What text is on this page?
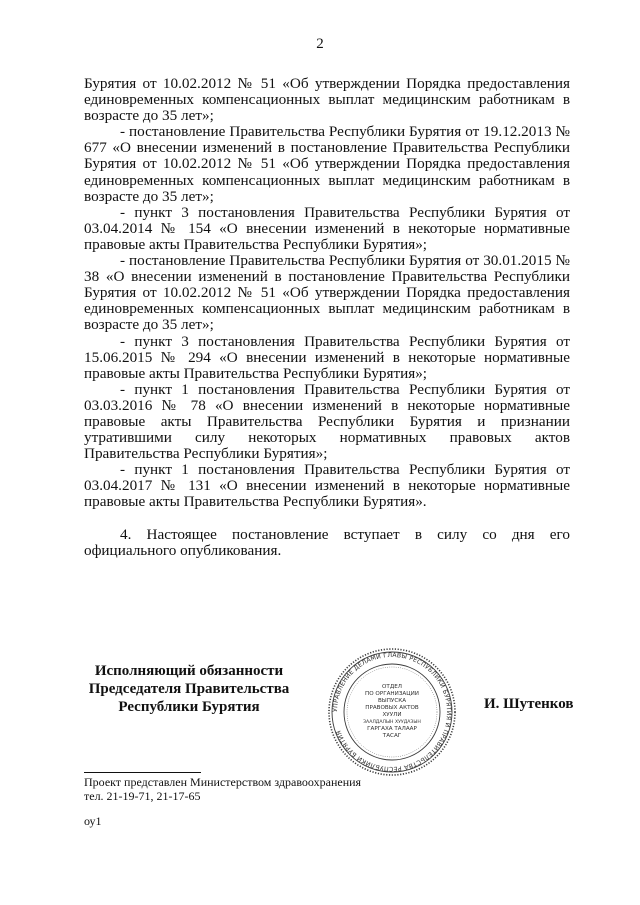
2

Бурятия от 10.02.2012 № 51 «Об утверждении Порядка предоставления единовременных компенсационных выплат медицинским работникам в возрасте до 35 лет»;

- постановление Правительства Республики Бурятия от 19.12.2013 № 677 «О внесении изменений в постановление Правительства Республики Бурятия от 10.02.2012 № 51 «Об утверждении Порядка предоставления единовременных компенсационных выплат медицинским работникам в возрасте до 35 лет»;

- пункт 3 постановления Правительства Республики Бурятия от 03.04.2014 № 154 «О внесении изменений в некоторые нормативные правовые акты Правительства Республики Бурятия»;

- постановление Правительства Республики Бурятия от 30.01.2015 № 38 «О внесении изменений в постановление Правительства Республики Бурятия от 10.02.2012 № 51 «Об утверждении Порядка предоставления единовременных компенсационных выплат медицинским работникам в возрасте до 35 лет»;

- пункт 3 постановления Правительства Республики Бурятия от 15.06.2015 № 294 «О внесении изменений в некоторые нормативные правовые акты Правительства Республики Бурятия»;

- пункт 1 постановления Правительства Республики Бурятия от 03.03.2016 № 78 «О внесении изменений в некоторые нормативные правовые акты Правительства Республики Бурятия и признании утратившими силу некоторых нормативных правовых актов Правительства Республики Бурятия»;

- пункт 1 постановления Правительства Республики Бурятия от 03.04.2017 № 131 «О внесении изменений в некоторые нормативные правовые акты Правительства Республики Бурятия».

4. Настоящее постановление вступает в силу со дня его официального опубликования.

Исполняющий обязанности
Председателя Правительства
Республики Бурятия	УПРАВЛЕНИЕ ДЕЛАМИ ГЛАВЫ РЕСПУБЛИКИ БУРЯТИЯ И ПРАВИТЕЛЬСТВА РЕСПУБЛИКИ БУРЯТИЯ
ОТДЕЛ
ПО ОРГАНИЗАЦИИ
ВЫПУСКА
ПРАВОВЫХ АКТОВ
ХУУЛИ
ЗААЛДАЛЫН ХУУДАЗЫН
ГАРГАХА ТАЛААР
ТАСАГ
И. Шутенков
Проект представлен Министерством здравоохранения
тел. 21-19-71, 21-17-65
оу1
